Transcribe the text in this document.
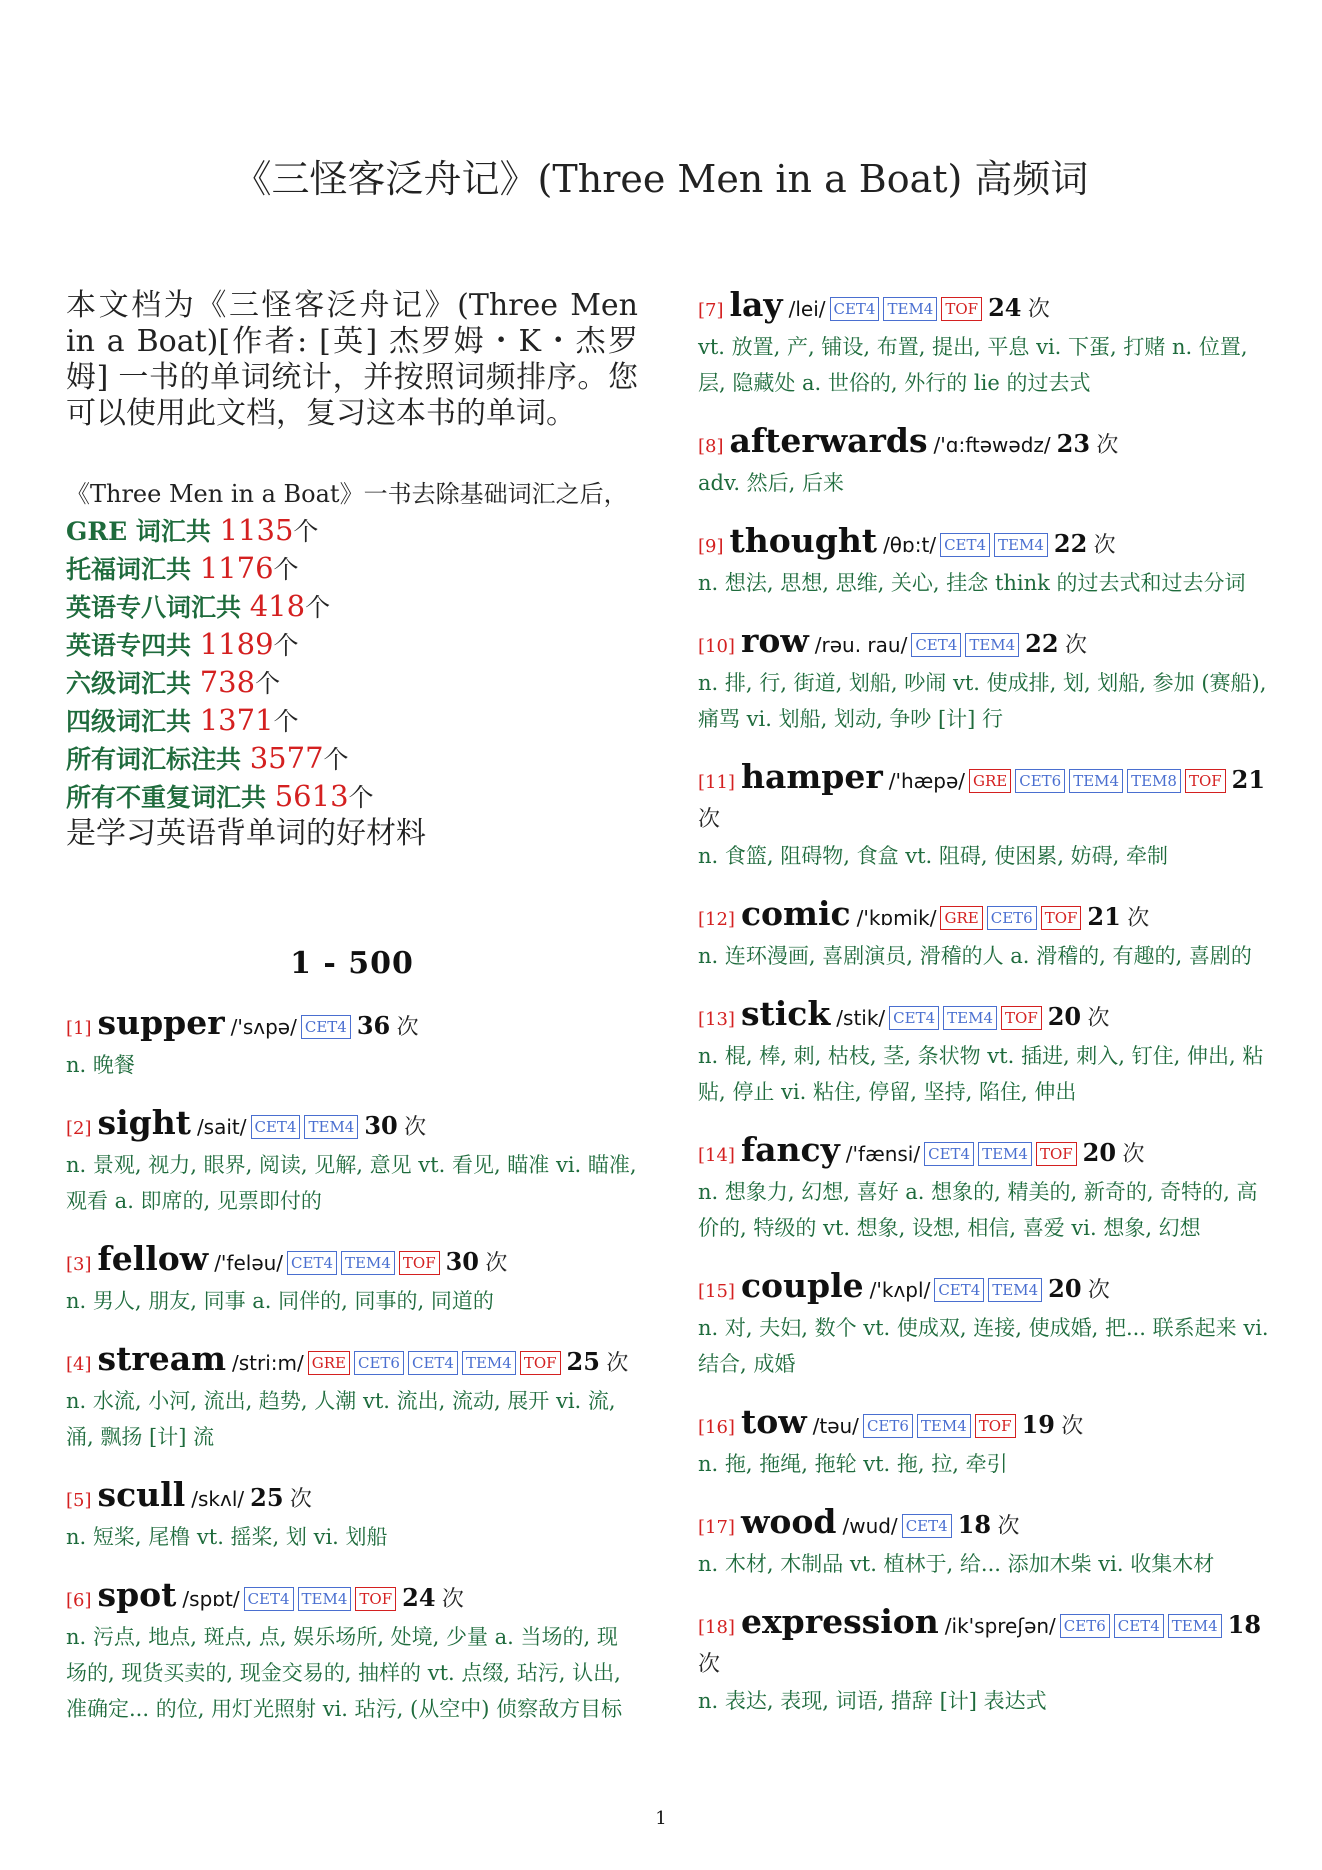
《三怪客泛舟记》(Three Men in a Boat) 高频词

本文档为《三怪客泛舟记》(Three Men in a Boat)[作者: [英] 杰罗姆・K・杰罗姆] 一书的单词统计，并按照词频排序。您可以使用此文档，复习这本书的单词。

《Three Men in a Boat》一书去除基础词汇之后，
GRE 词汇共 1135个
托福词汇共 1176个
英语专八词汇共 418个
英语专四共 1189个
六级词汇共 738个
四级词汇共 1371个
所有词汇标注共 3577个
所有不重复词汇共 5613个
是学习英语背单词的好材料
1 - 500
[1] supper /'sʌpə/ CET4 36 次
n. 晚餐
[2] sight /sait/ CET4 TEM4 30 次
n. 景观, 视力, 眼界, 阅读, 见解, 意见 vt. 看见, 瞄准 vi. 瞄准, 观看 a. 即席的, 见票即付的
[3] fellow /'feləu/ CET4 TEM4 TOF 30 次
n. 男人, 朋友, 同事 a. 同伴的, 同事的, 同道的
[4] stream /stri:m/ GRE CET6 CET4 TEM4 TOF 25 次
n. 水流, 小河, 流出, 趋势, 人潮 vt. 流出, 流动, 展开 vi. 流, 涌, 飘扬 [计] 流
[5] scull /skʌl/ 25 次
n. 短桨, 尾橹 vt. 摇桨, 划 vi. 划船
[6] spot /spɒt/ CET4 TEM4 TOF 24 次
n. 污点, 地点, 斑点, 点, 娱乐场所, 处境, 少量 a. 当场的, 现场的, 现货买卖的, 现金交易的, 抽样的 vt. 点缀, 玷污, 认出, 准确定... 的位, 用灯光照射 vi. 玷污, (从空中) 侦察敌方目标
[7] lay /lei/ CET4 TEM4 TOF 24 次
vt. 放置, 产, 铺设, 布置, 提出, 平息 vi. 下蛋, 打赌 n. 位置, 层, 隐藏处 a. 世俗的, 外行的 lie 的过去式
[8] afterwards /'ɑ:ftəwədz/ 23 次
adv. 然后, 后来
[9] thought /θɒ:t/ CET4 TEM4 22 次
n. 想法, 思想, 思维, 关心, 挂念 think 的过去式和过去分词
[10] row /rəu. rau/ CET4 TEM4 22 次
n. 排, 行, 街道, 划船, 吵闹 vt. 使成排, 划, 划船, 参加 (赛船), 痛骂 vi. 划船, 划动, 争吵 [计] 行
[11] hamper /'hæpə/ GRE CET6 TEM4 TEM8 TOF 21 次
n. 食篮, 阻碍物, 食盒 vt. 阻碍, 使困累, 妨碍, 牵制
[12] comic /'kɒmik/ GRE CET6 TOF 21 次
n. 连环漫画, 喜剧演员, 滑稽的人 a. 滑稽的, 有趣的, 喜剧的
[13] stick /stik/ CET4 TEM4 TOF 20 次
n. 棍, 棒, 刺, 枯枝, 茎, 条状物 vt. 插进, 刺入, 钉住, 伸出, 粘贴, 停止 vi. 粘住, 停留, 坚持, 陷住, 伸出
[14] fancy /'fænsi/ CET4 TEM4 TOF 20 次
n. 想象力, 幻想, 喜好 a. 想象的, 精美的, 新奇的, 奇特的, 高价的, 特级的 vt. 想象, 设想, 相信, 喜爱 vi. 想象, 幻想
[15] couple /'kʌpl/ CET4 TEM4 20 次
n. 对, 夫妇, 数个 vt. 使成双, 连接, 使成婚, 把... 联系起来 vi. 结合, 成婚
[16] tow /təu/ CET6 TEM4 TOF 19 次
n. 拖, 拖绳, 拖轮 vt. 拖, 拉, 牵引
[17] wood /wud/ CET4 18 次
n. 木材, 木制品 vt. 植林于, 给... 添加木柴 vi. 收集木材
[18] expression /ik'spreʃən/ CET6 CET4 TEM4 18 次
n. 表达, 表现, 词语, 措辞 [计] 表达式
1
